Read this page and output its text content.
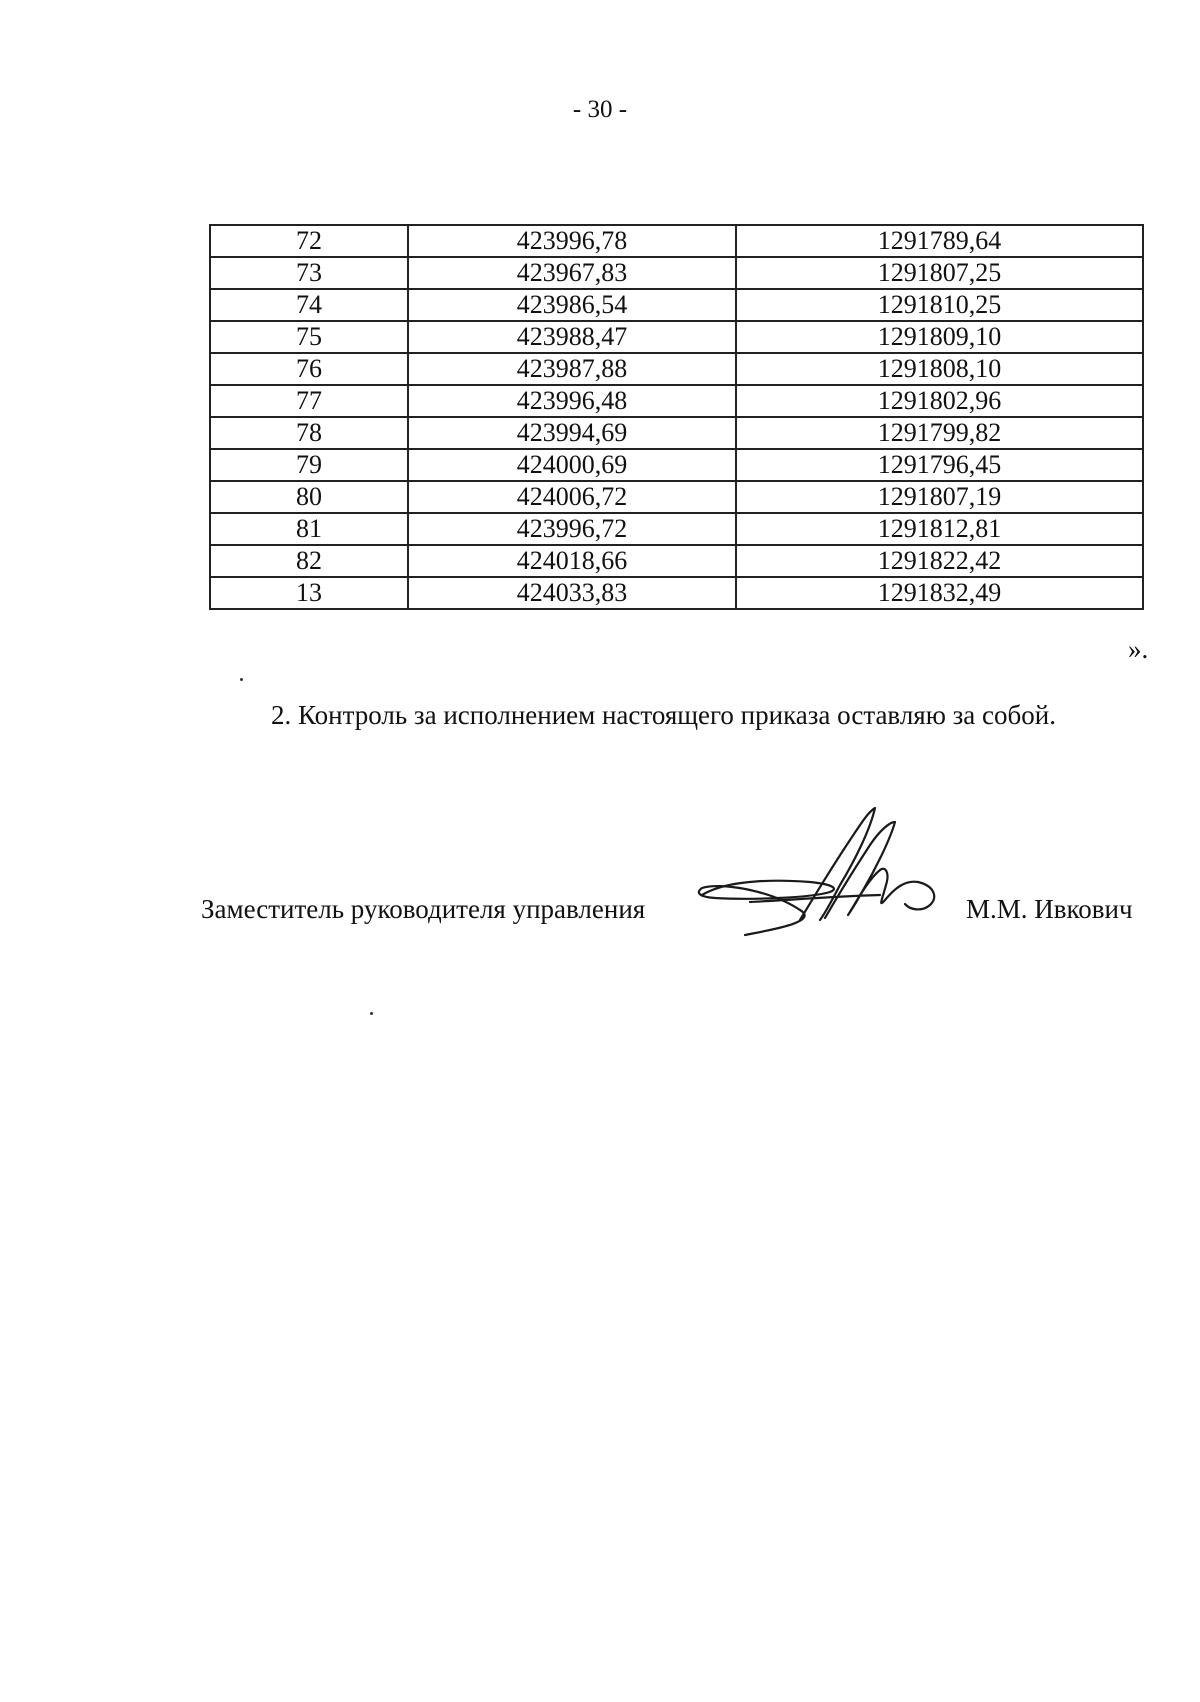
- 30 -
72	423996,78	1291789,64
73	423967,83	1291807,25
74	423986,54	1291810,25
75	423988,47	1291809,10
76	423987,88	1291808,10
77	423996,48	1291802,96
78	423994,69	1291799,82
79	424000,69	1291796,45
80	424006,72	1291807,19
81	423996,72	1291812,81
82	424018,66	1291822,42
13	424033,83	1291832,49
».
2. Контроль за исполнением настоящего приказа оставляю за собой.
Заместитель руководителя управления	М.М. Ивкович
